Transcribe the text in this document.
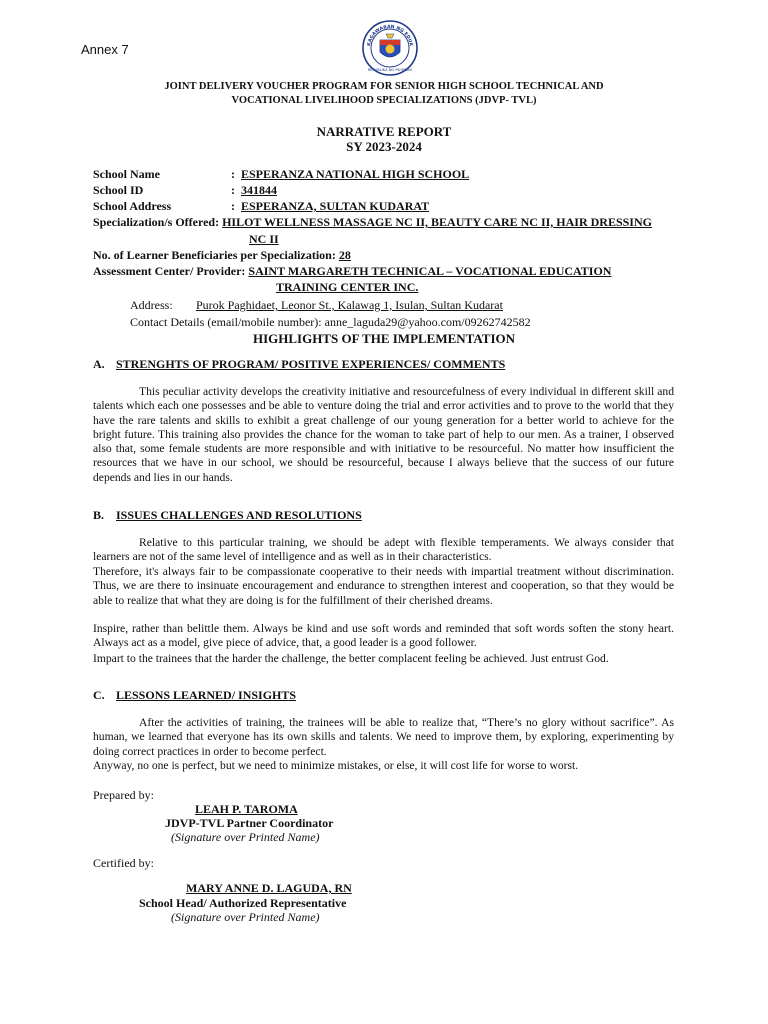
Annex 7	KAGAWARAN NG EDUK
REPUBLIKA NG PILIPINAS
JOINT DELIVERY VOUCHER PROGRAM FOR SENIOR HIGH SCHOOL TECHNICAL AND
VOCATIONAL LIVELIHOOD SPECIALIZATIONS (JDVP- TVL)
NARRATIVE REPORT
SY 2023-2024
School Name	:  ESPERANZA NATIONAL HIGH SCHOOL
School ID	:  341844
School Address	:  ESPERANZA, SULTAN KUDARAT
Specialization/s Offered: HILOT WELLNESS MASSAGE NC II, BEAUTY CARE NC II, HAIR DRESSING
NC II
No. of Learner Beneficiaries per Specialization: 28
Assessment Center/ Provider: SAINT MARGARETH TECHNICAL – VOCATIONAL EDUCATION
TRAINING CENTER INC.
Address: Purok Paghidaet, Leonor St., Kalawag 1, Isulan, Sultan Kudarat
Contact Details (email/mobile number): anne_laguda29@yahoo.com/09262742582
HIGHLIGHTS OF THE IMPLEMENTATION
A. STRENGHTS OF PROGRAM/ POSITIVE EXPERIENCES/ COMMENTS

This peculiar activity develops the creativity initiative and resourcefulness of every individual in different skill and talents which each one possesses and be able to venture doing the trial and error activities and to prove to the world that they have the rare talents and skills to exhibit a great challenge of our young generation for a better world to achieve for the bright future. This training also provides the chance for the woman to take part of help to our men. As a trainer, I observed also that, some female students are more responsible and with initiative to be resourceful. No matter how insufficient the resources that we have in our school, we should be resourceful, because I always believe that the success of our future depends and lies in our hands.

B. ISSUES CHALLENGES AND RESOLUTIONS

Relative to this particular training, we should be adept with flexible temperaments. We always consider that learners are not of the same level of intelligence and as well as in their characteristics.

Therefore, it's always fair to be compassionate cooperative to their needs with impartial treatment without discrimination. Thus, we are there to insinuate encouragement and endurance to strengthen interest and cooperation, so that they would be able to realize that what they are doing is for the fulfillment of their cherished dreams.

Inspire, rather than belittle them. Always be kind and use soft words and reminded that soft words soften the stony heart. Always act as a model, give piece of advice, that, a good leader is a good follower.

Impart to the trainees that the harder the challenge, the better complacent feeling be achieved. Just entrust God.

C. LESSONS LEARNED/ INSIGHTS

After the activities of training, the trainees will be able to realize that, “There’s no glory without sacrifice”. As human, we learned that everyone has its own skills and talents. We need to improve them, by exploring, experimenting by doing correct practices in order to become perfect.

Anyway, no one is perfect, but we need to minimize mistakes, or else, it will cost life for worse to worst.

Prepared by:
LEAH P. TAROMA
JDVP-TVL Partner Coordinator
(Signature over Printed Name)
Certified by:
MARY ANNE D. LAGUDA, RN
School Head/ Authorized Representative
(Signature over Printed Name)
